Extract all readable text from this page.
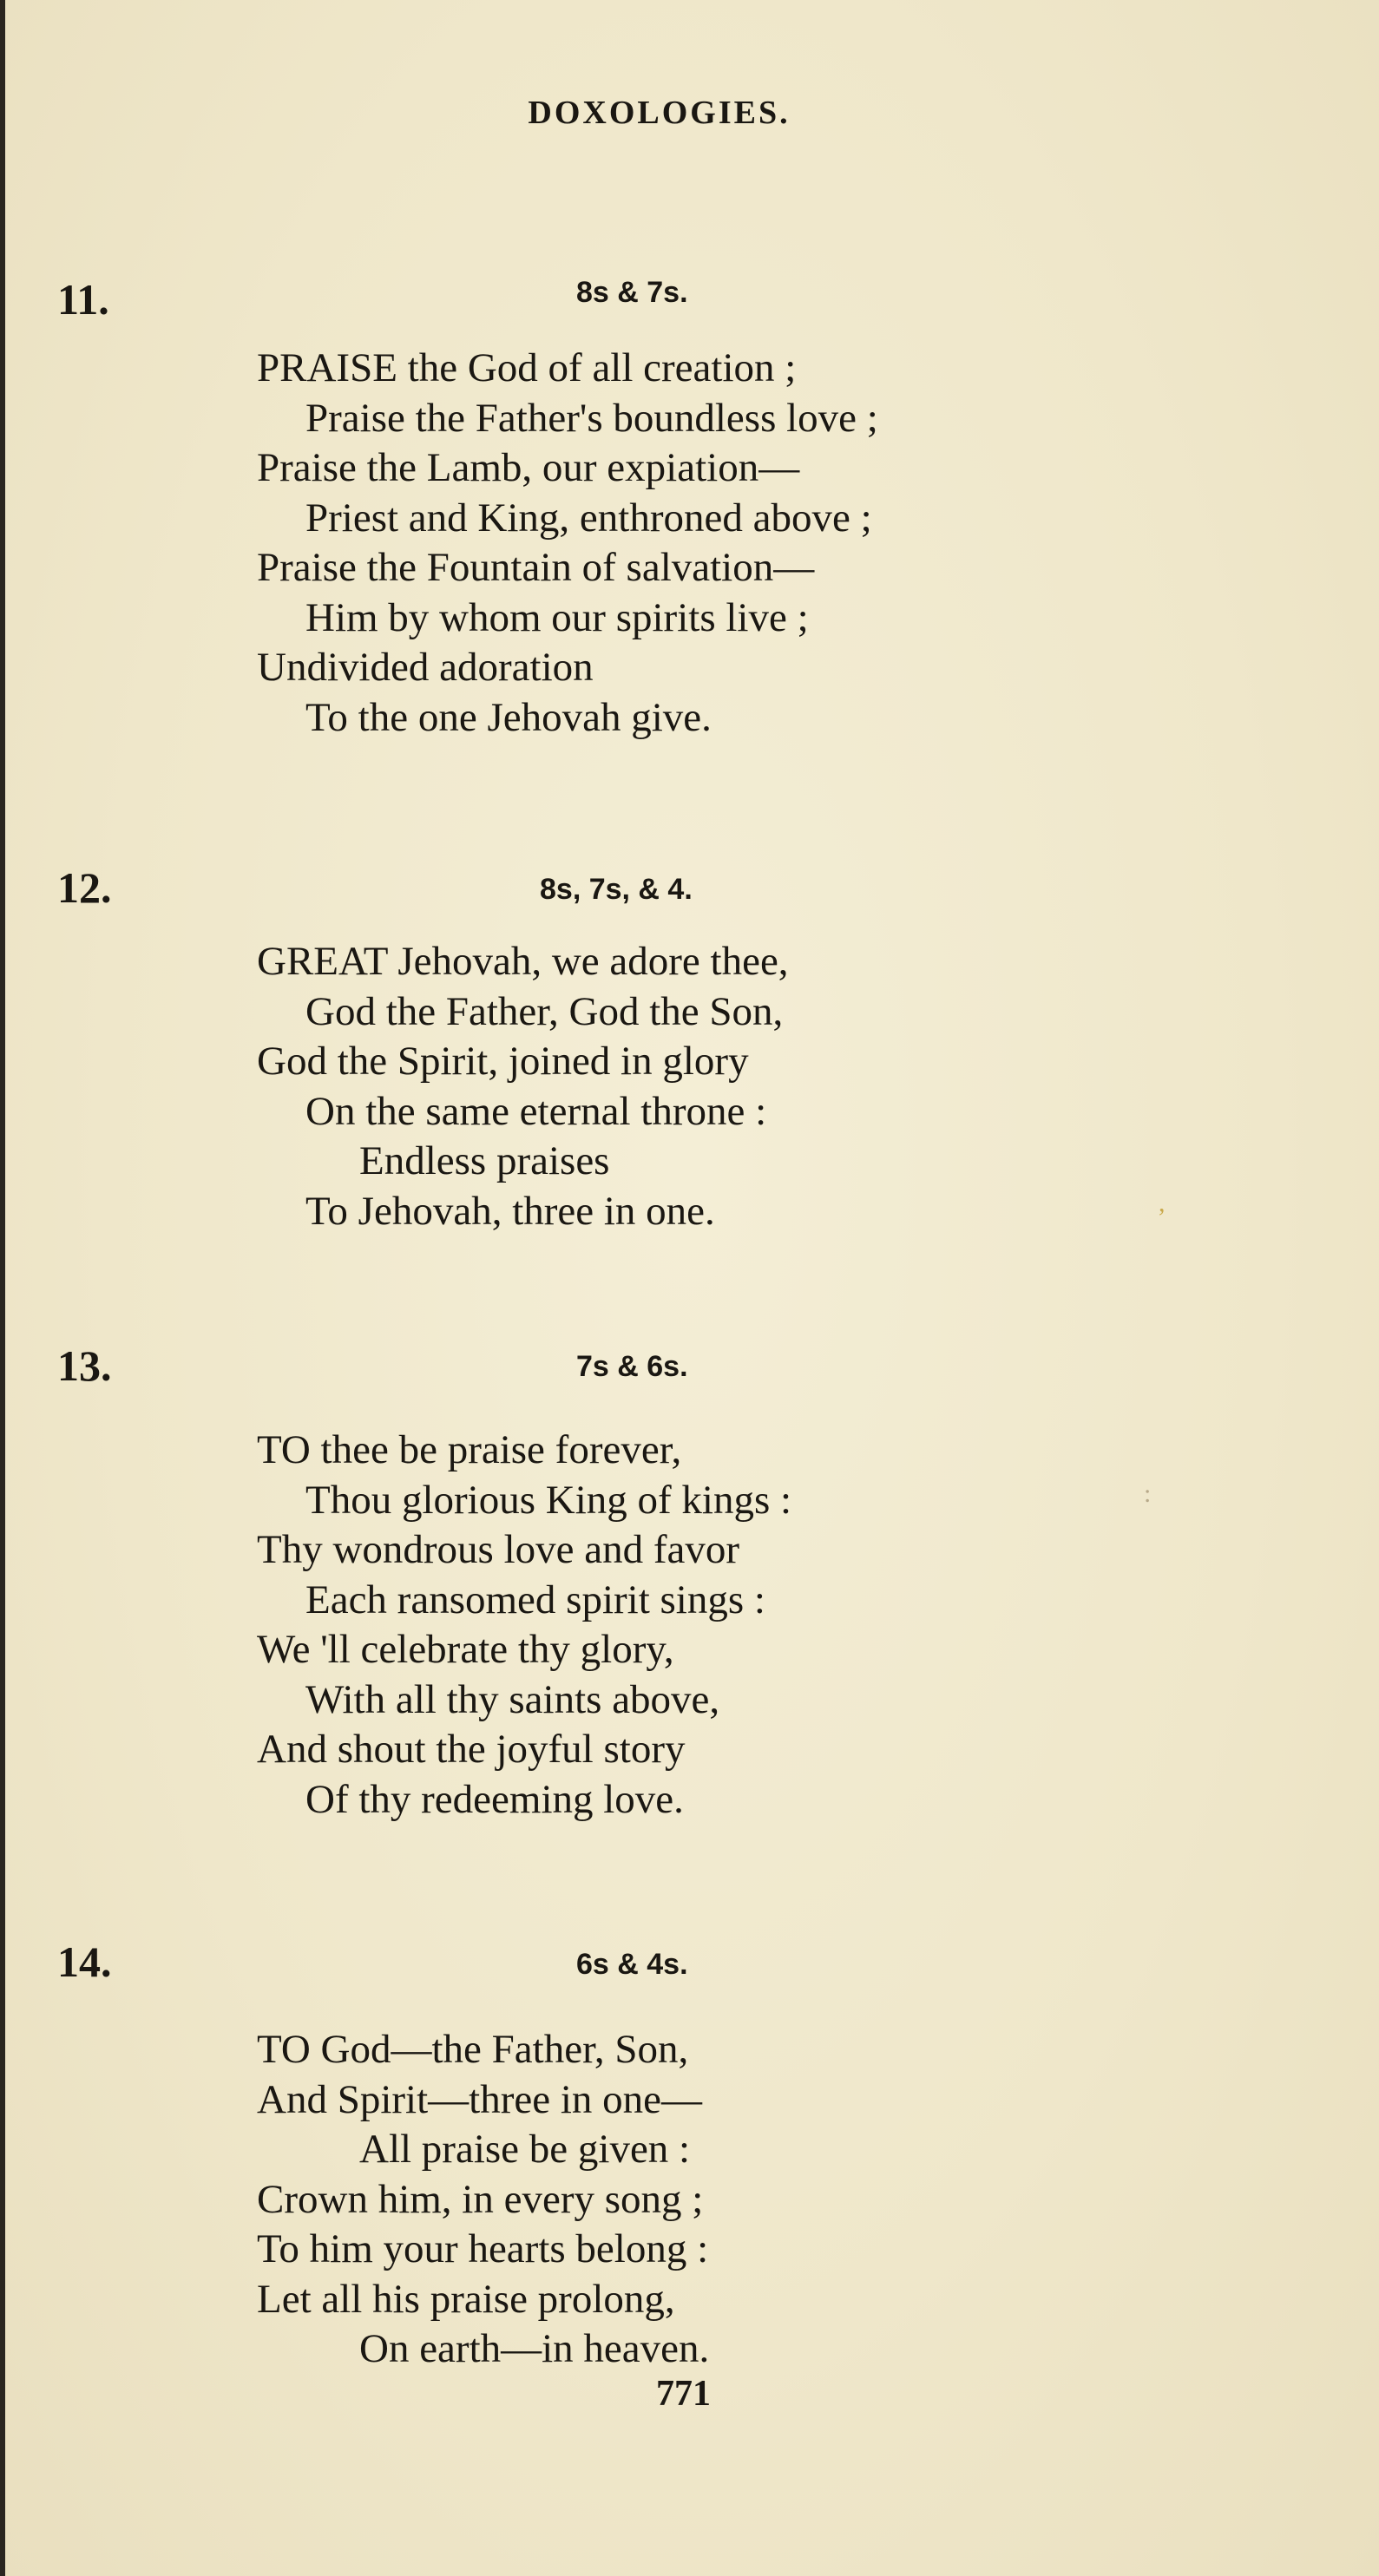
DOXOLOGIES.
11.	8s & 7s.
PRAISE the God of all creation ;
Praise the Father's boundless love ;
Praise the Lamb, our expiation—
Priest and King, enthroned above ;
Praise the Fountain of salvation—
Him by whom our spirits live ;
Undivided adoration
To the one Jehovah give.
12.	8s, 7s, & 4.
GREAT Jehovah, we adore thee,
God the Father, God the Son,
God the Spirit, joined in glory
On the same eternal throne :
Endless praises
To Jehovah, three in one.
13.	7s & 6s.
TO thee be praise forever,
Thou glorious King of kings :
Thy wondrous love and favor
Each ransomed spirit sings :
We 'll celebrate thy glory,
With all thy saints above,
And shout the joyful story
Of thy redeeming love.
14.	6s & 4s.
TO God—the Father, Son,
And Spirit—three in one—
All praise be given :
Crown him, in every song ;
To him your hearts belong :
Let all his praise prolong,
On earth—in heaven.
771
,
:
